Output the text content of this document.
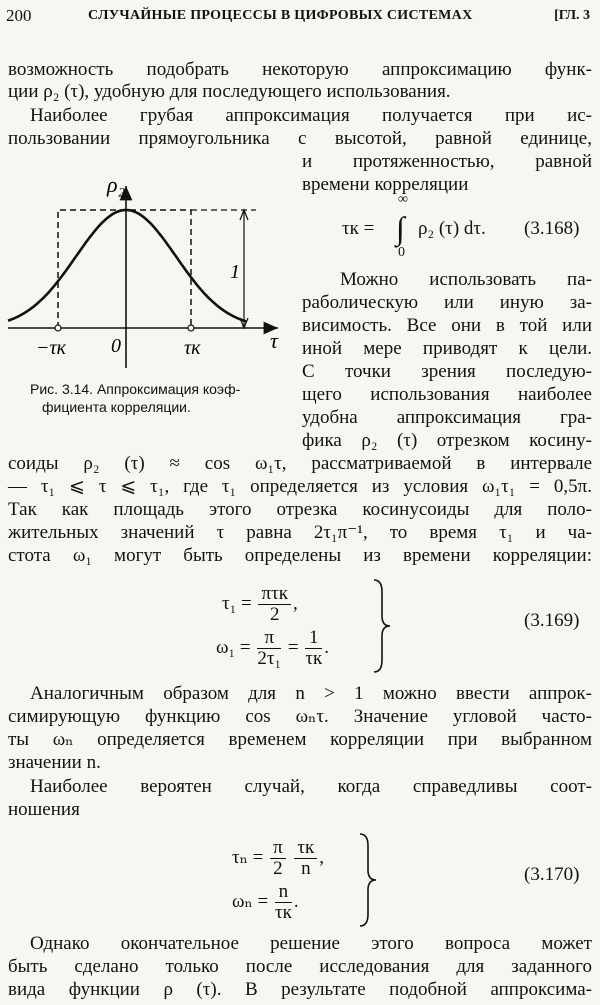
200	СЛУЧАЙНЫЕ ПРОЦЕССЫ В ЦИФРОВЫХ СИСТЕМАХ	[ГЛ. 3
возможность подобрать некоторую аппроксимацию функ-
ции ρ₂ (τ), удобную для последующего использования.
Наиболее грубая аппроксимация получается при ис-
пользовании прямоугольника с высотой, равной единице,
и протяженностью, равной
времени корреляции
τк =
∞
∫
0
ρ₂ (τ) dτ. (3.168)
ρ₂
τ
0
−τк	τк
1
Рис. 3.14. Аппроксимация коэф-
фициента корреляции.
Можно использовать па-
раболическую или иную за-
висимость. Все они в той или
иной мере приводят к цели.
С точки зрения последую-
щего использования наиболее
удобна аппроксимация гра-
фика ρ₂ (τ) отрезком косину-
соиды ρ₂ (τ) ≈ cos ω₁τ, рассматриваемой в интервале
— τ₁ ⩽ τ ⩽ τ₁, где τ₁ определяется из условия ω₁τ₁ = 0,5π.
Так как площадь этого отрезка косинусоиды для поло-
жительных значений τ равна 2τ₁π⁻¹, то время τ₁ и ча-
стота ω₁ могут быть определены из времени корреляции:
$\tau_1 = \frac{\text{πτк}}{2}$ ,
$\omega_1 = \frac{\pi}{\text{2τ₁}} = \frac{1}{\tau к}$ .
(3.169)
Аналогичным образом для n > 1 можно ввести аппрок-
симирующую функцию cos ωₙτ. Значение угловой часто-
ты ωₙ определяется временем корреляции при выбранном
значении n.
Наиболее вероятен случай, когда справедливы соот-
ношения
$\tau_n = \frac{\pi}{2}$
$\frac{\tau к}{n}$ ,
$\omega_n = \frac{n}{\tau к}$ .
(3.170)
Однако окончательное решение этого вопроса может
быть сделано только после исследования для заданного
вида функции ρ (τ). В результате подобной аппроксима-
